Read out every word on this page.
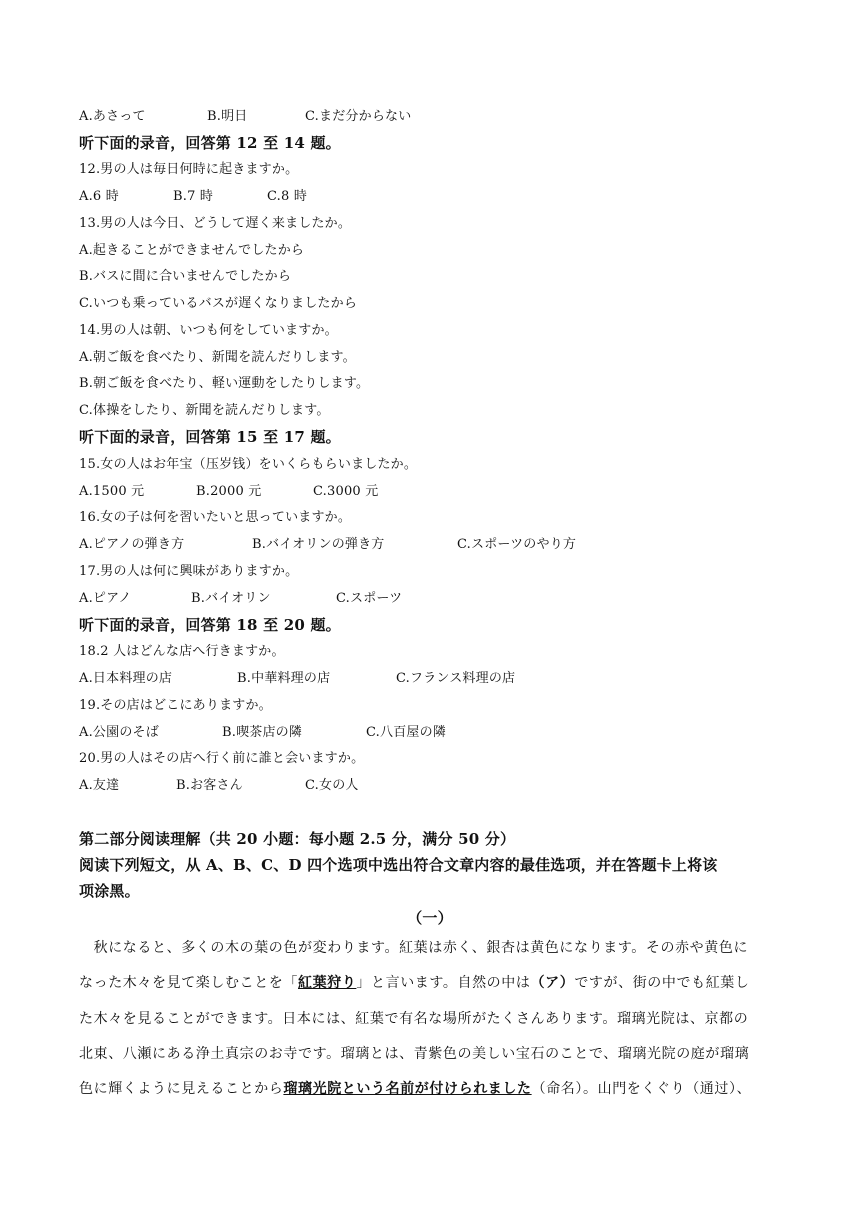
A.あさって	B.明日	C.まだ分からない
听下面的录音，回答第 12 至 14 题。
12.男の人は毎日何時に起きますか。
A.6 時	B.7 時	C.8 時
13.男の人は今日、どうして遅く来ましたか。
A.起きることができませんでしたから
B.バスに間に合いませんでしたから
C.いつも乗っているバスが遅くなりましたから
14.男の人は朝、いつも何をしていますか。
A.朝ご飯を食べたり、新聞を読んだりします。
B.朝ご飯を食べたり、軽い運動をしたりします。
C.体操をしたり、新聞を読んだりします。
听下面的录音，回答第 15 至 17 题。
15.女の人はお年宝（压岁钱）をいくらもらいましたか。
A.1500 元	B.2000 元	C.3000 元
16.女の子は何を習いたいと思っていますか。
A.ピアノの弾き方	B.バイオリンの弾き方	C.スポーツのやり方
17.男の人は何に興味がありますか。
A.ピアノ	B.バイオリン	C.スポーツ
听下面的录音，回答第 18 至 20 题。
18.2 人はどんな店へ行きますか。
A.日本料理の店	B.中華料理の店	C.フランス料理の店
19.その店はどこにありますか。
A.公園のそば	B.喫茶店の隣	C.八百屋の隣
20.男の人はその店へ行く前に誰と会いますか。
A.友達	B.お客さん	C.女の人
第二部分阅读理解（共 20 小题：每小题 2.5 分，满分 50 分）
阅读下列短文，从 A、B、C、D 四个选项中选出符合文章内容的最佳选项，并在答题卡上将该
项涂黑。
（一）
　秋になると、多くの木の葉の色が変わります。紅葉は赤く、銀杏は黄色になります。その赤や黄色に
なった木々を見て楽しむことを「紅葉狩り」と言います。自然の中は（ア）ですが、街の中でも紅葉し
た木々を見ることができます。日本には、紅葉で有名な場所がたくさんあります。瑠璃光院は、京都の
北東、八瀬にある浄土真宗のお寺です。瑠璃とは、青紫色の美しい宝石のことで、瑠璃光院の庭が瑠璃
色に輝くように見えることから瑠璃光院という名前が付けられました（命名）。山門をくぐり（通过）、
